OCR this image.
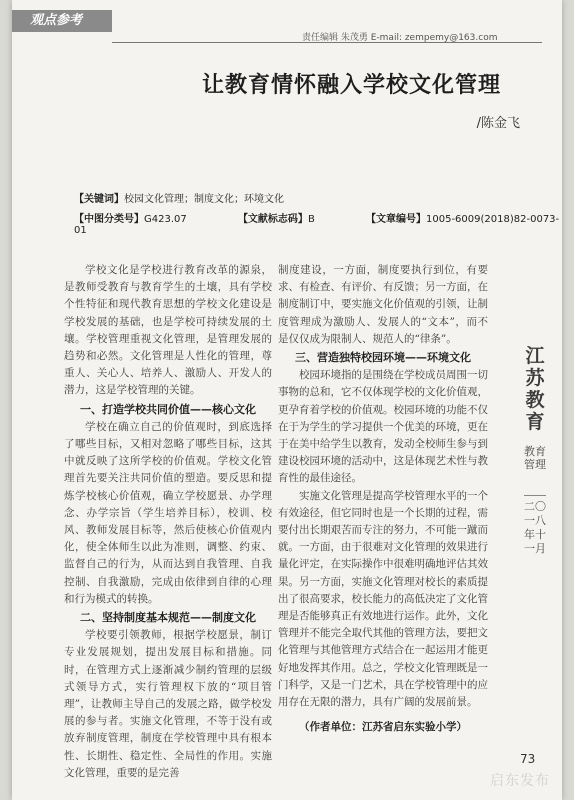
观点参考
责任编辑 朱茂勇 E-mail: zempemy@163.com
让教育情怀融入学校文化管理
/陈金飞
【关键词】校园文化管理；制度文化；环境文化
【中图分类号】G423.07	【文献标志码】B	【文章编号】1005-6009(2018)82-0073-01

学校文化是学校进行教育改革的源泉，是教师受教育与教育学生的土壤，具有学校个性特征和现代教育思想的学校文化建设是学校发展的基础，也是学校可持续发展的土壤。学校管理重视文化管理，是管理发展的趋势和必然。文化管理是人性化的管理，尊重人、关心人、培养人、激励人、开发人的潜力，这是学校管理的关键。

一、打造学校共同价值——核心文化

学校在确立自己的价值观时，到底选择了哪些目标，又相对忽略了哪些目标，这其中就反映了这所学校的价值观。学校文化管理首先要关注共同价值的塑造。要反思和提炼学校核心价值观，确立学校愿景、办学理念、办学宗旨（学生培养目标），校训、校风、教师发展目标等，然后使核心价值观内化，使全体师生以此为准则，调整、约束、监督自己的行为，从而达到自我管理、自我控制、自我激励，完成由依律到自律的心理和行为模式的转换。

二、坚持制度基本规范——制度文化

学校要引领教师，根据学校愿景，制订专业发展规划，提出发展目标和措施。同时，在管理方式上逐渐减少制约管理的层级式领导方式，实行管理权下放的“项目管理”，让教师主导自己的发展之路，做学校发展的参与者。实施文化管理，不等于没有或放弃制度管理，制度在学校管理中具有根本性、长期性、稳定性、全局性的作用。实施文化管理，重要的是完善

制度建设，一方面，制度要执行到位，有要求、有检查、有评价、有反馈；另一方面，在制度制订中，要实施文化价值观的引领，让制度管理成为激励人、发展人的“文本”，而不是仅仅成为限制人、规范人的“律条”。

三、营造独特校园环境——环境文化

校园环境指的是围绕在学校成员周围一切事物的总和，它不仅体现学校的文化价值观，更孕育着学校的价值观。校园环境的功能不仅在于为学生的学习提供一个优美的环境，更在于在美中给学生以教育，发动全校师生参与到建设校园环境的活动中，这是体现艺术性与教育性的最佳途径。

实施文化管理是提高学校管理水平的一个有效途径，但它同时也是一个长期的过程，需要付出长期艰苦而专注的努力，不可能一蹴而就。一方面，由于很难对文化管理的效果进行量化评定，在实际操作中很难明确地评估其效果。另一方面，实施文化管理对校长的素质提出了很高要求，校长能力的高低决定了文化管理是否能够真正有效地进行运作。此外，文化管理并不能完全取代其他的管理方法，要把文化管理与其他管理方式结合在一起运用才能更好地发挥其作用。总之，学校文化管理既是一门科学，又是一门艺术，具在学校管理中的应用存在无限的潜力，具有广阔的发展前景。

（作者单位：江苏省启东实验小学）

江苏教育
教育管理
二〇一八年十一月
73
启东发布
